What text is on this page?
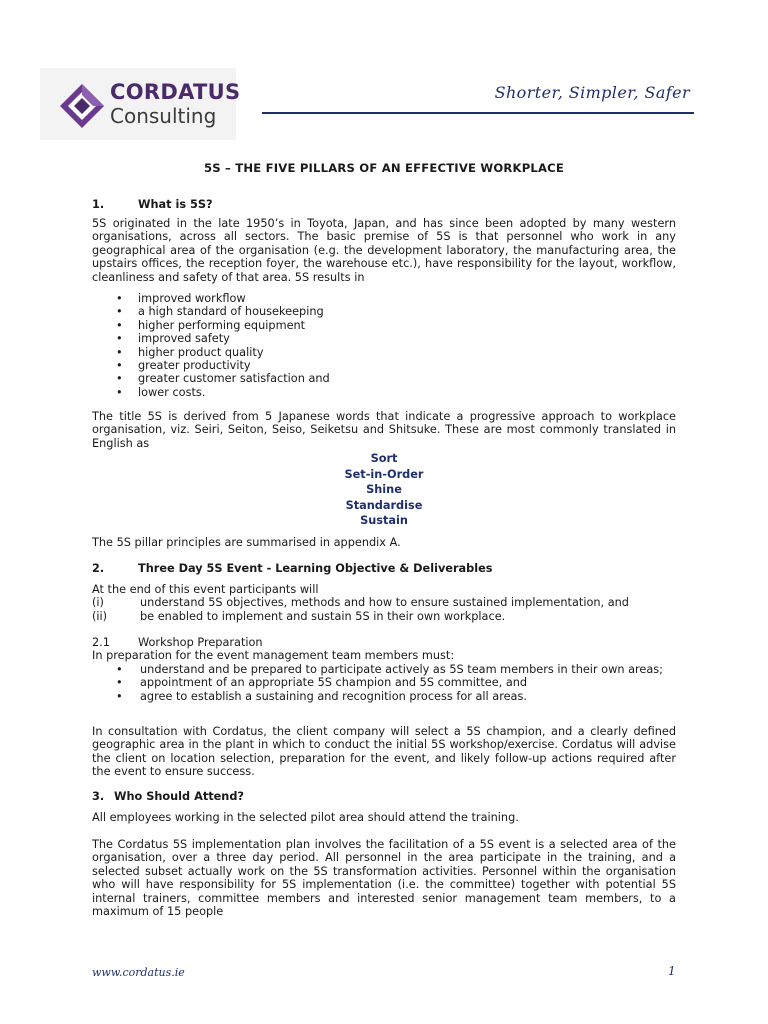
CORDATUS
Consulting
Shorter, Simpler, Safer
5S – THE FIVE PILLARS OF AN EFFECTIVE WORKPLACE
1.	What is 5S?

5S originated in the late 1950’s in Toyota, Japan, and has since been adopted by many western organisations, across all sectors. The basic premise of 5S is that personnel who work in any geographical area of the organisation (e.g. the development laboratory, the manufacturing area, the upstairs offices, the reception foyer, the warehouse etc.), have responsibility for the layout, workflow, cleanliness and safety of that area. 5S results in

• improved workflow
• a high standard of housekeeping
• higher performing equipment
• improved safety
• higher product quality
• greater productivity
• greater customer satisfaction and
• lower costs.

The title 5S is derived from 5 Japanese words that indicate a progressive approach to workplace organisation, viz. Seiri, Seiton, Seiso, Seiketsu and Shitsuke. These are most commonly translated in English as

Sort
Set-in-Order
Shine
Standardise
Sustain

The 5S pillar principles are summarised in appendix A.

2.	Three Day 5S Event - Learning Objective & Deliverables

At the end of this event participants will

(i)	understand 5S objectives, methods and how to ensure sustained implementation, and
(ii)	be enabled to implement and sustain 5S in their own workplace.
2.1 Workshop Preparation

In preparation for the event management team members must:

• understand and be prepared to participate actively as 5S team members in their own areas;
• appointment of an appropriate 5S champion and 5S committee, and
• agree to establish a sustaining and recognition process for all areas.

In consultation with Cordatus, the client company will select a 5S champion, and a clearly defined geographic area in the plant in which to conduct the initial 5S workshop/exercise. Cordatus will advise the client on location selection, preparation for the event, and likely follow-up actions required after the event to ensure success.

3. Who Should Attend?

All employees working in the selected pilot area should attend the training.

The Cordatus 5S implementation plan involves the facilitation of a 5S event is a selected area of the organisation, over a three day period. All personnel in the area participate in the training, and a selected subset actually work on the 5S transformation activities. Personnel within the organisation who will have responsibility for 5S implementation (i.e. the committee) together with potential 5S internal trainers, committee members and interested senior management team members, to a maximum of 15 people

www.cordatus.ie	1
